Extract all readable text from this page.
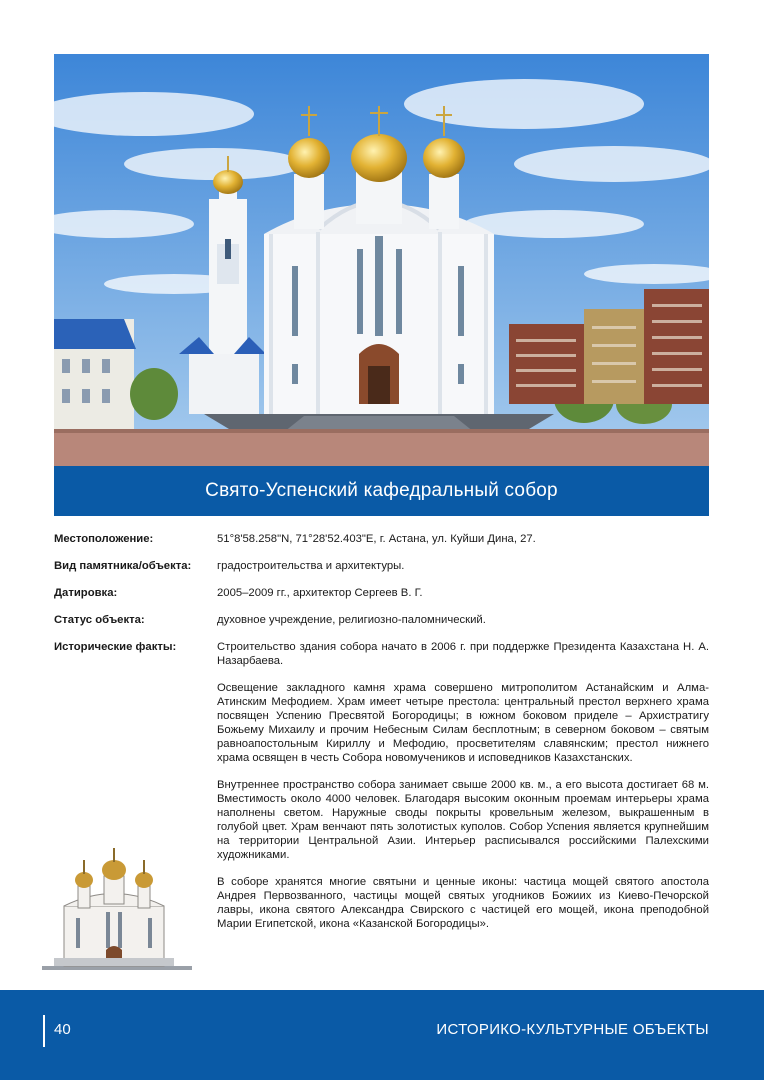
Свято-Успенский кафедральный собор
Местоположение:	51°8'58.258"N, 71°28'52.403"E, г. Астана, ул. Куйши Дина, 27.
Вид памятника/объекта:	градостроительства и архитектуры.
Датировка:	2005–2009 гг., архитектор Сергеев В. Г.
Статус объекта:	духовное учреждение, религиозно-паломнический.
Исторические факты:	Строительство здания собора начато в 2006 г. при поддержке Президента Казахстана Н. А. Назарбаева.

Освещение закладного камня храма совершено митрополитом Астанайским и Алма-Атинским Мефодием. Храм имеет четыре престола: центральный престол верхнего храма посвящен Успению Пресвятой Богородицы; в южном боковом приделе – Архистратигу Божьему Михаилу и прочим Небесным Силам бесплотным; в северном боковом – святым равноапостольным Кириллу и Мефодию, просветителям славянским; престол нижнего храма освящен в честь Собора новомучеников и исповедников Казахстанских.

Внутреннее пространство собора занимает свыше 2000 кв. м., а его высота достигает 68 м. Вместимость около 4000 человек. Благодаря высоким оконным проемам интерьеры храма наполнены светом. Наружные своды покрыты кровельным железом, выкрашенным в голубой цвет. Храм венчают пять золотистых куполов. Собор Успения является крупнейшим на территории Центральной Азии. Интерьер расписывался российскими Палехскими художниками.

В соборе хранятся многие святыни и ценные иконы: частица мощей святого апостола Андрея Первозванного, частицы мощей святых угодников Божиих из Киево-Печорской лавры, икона святого Александра Свирского с частицей его мощей, икона преподобной Марии Египетской, икона «Казанской Богородицы».

40	ИСТОРИКО-КУЛЬТУРНЫЕ ОБЪЕКТЫ
